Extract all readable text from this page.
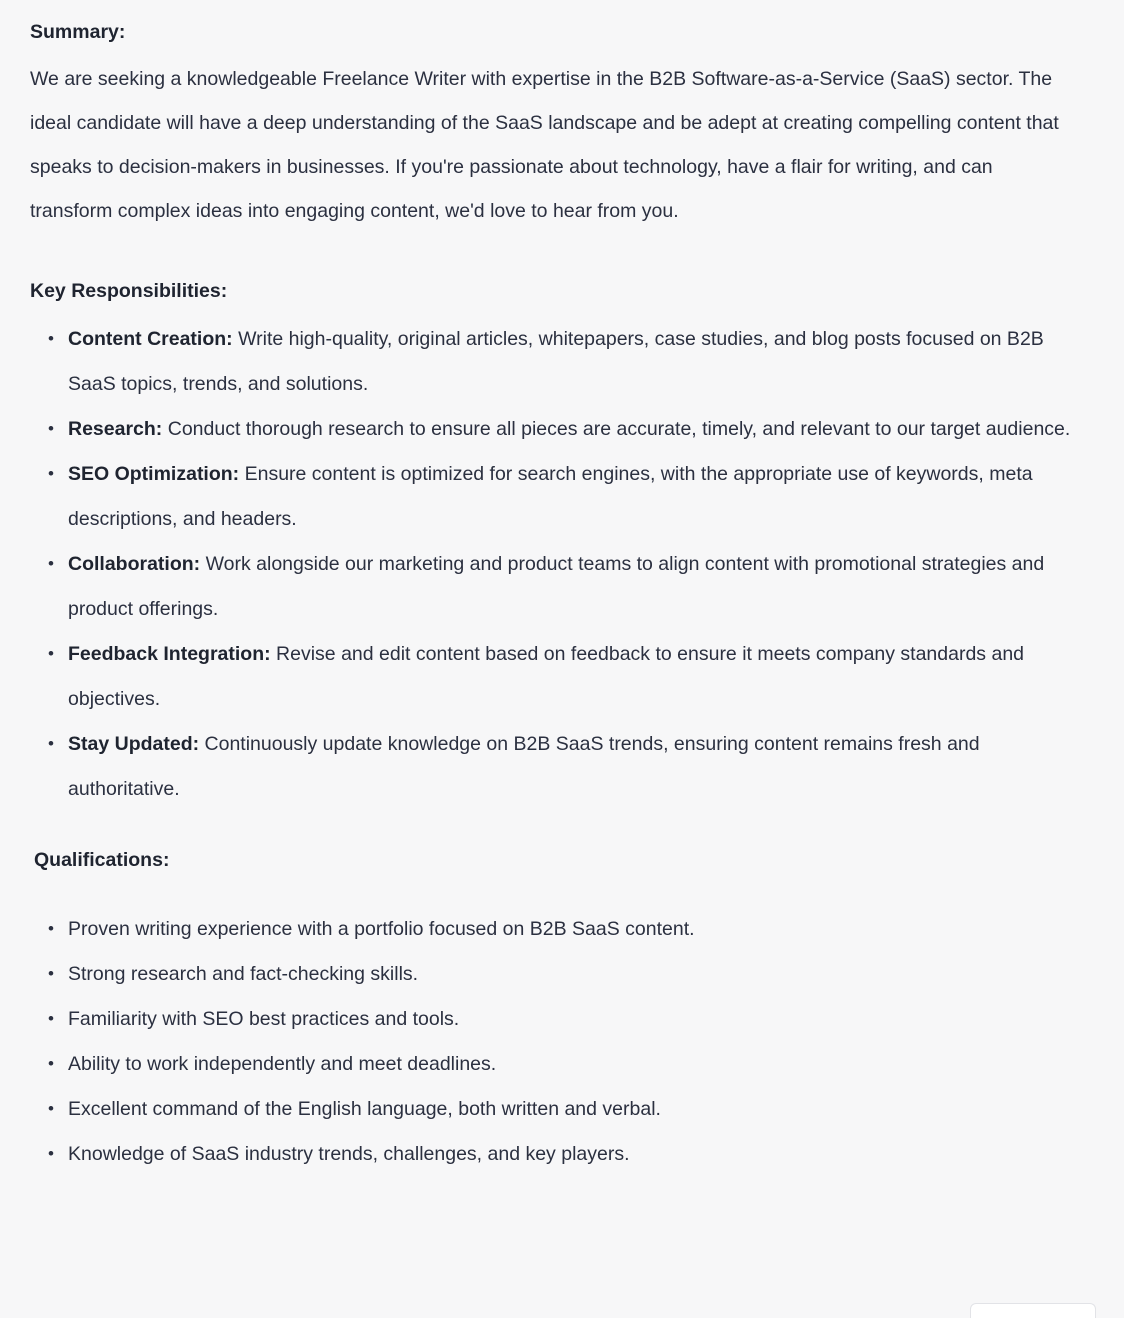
Summary:

We are seeking a knowledgeable Freelance Writer with expertise in the B2B Software-as-a-Service (SaaS) sector. The ideal candidate will have a deep understanding of the SaaS landscape and be adept at creating compelling content that speaks to decision-makers in businesses. If you're passionate about technology, have a flair for writing, and can transform complex ideas into engaging content, we'd love to hear from you.

Key Responsibilities:
• Content Creation: Write high-quality, original articles, whitepapers, case studies, and blog posts focused on B2B SaaS topics, trends, and solutions.
• Research: Conduct thorough research to ensure all pieces are accurate, timely, and relevant to our target audience.
• SEO Optimization: Ensure content is optimized for search engines, with the appropriate use of keywords, meta descriptions, and headers.
• Collaboration: Work alongside our marketing and product teams to align content with promotional strategies and product offerings.
• Feedback Integration: Revise and edit content based on feedback to ensure it meets company standards and objectives.
• Stay Updated: Continuously update knowledge on B2B SaaS trends, ensuring content remains fresh and authoritative.
Qualifications:
• Proven writing experience with a portfolio focused on B2B SaaS content.
• Strong research and fact-checking skills.
• Familiarity with SEO best practices and tools.
• Ability to work independently and meet deadlines.
• Excellent command of the English language, both written and verbal.
• Knowledge of SaaS industry trends, challenges, and key players.
